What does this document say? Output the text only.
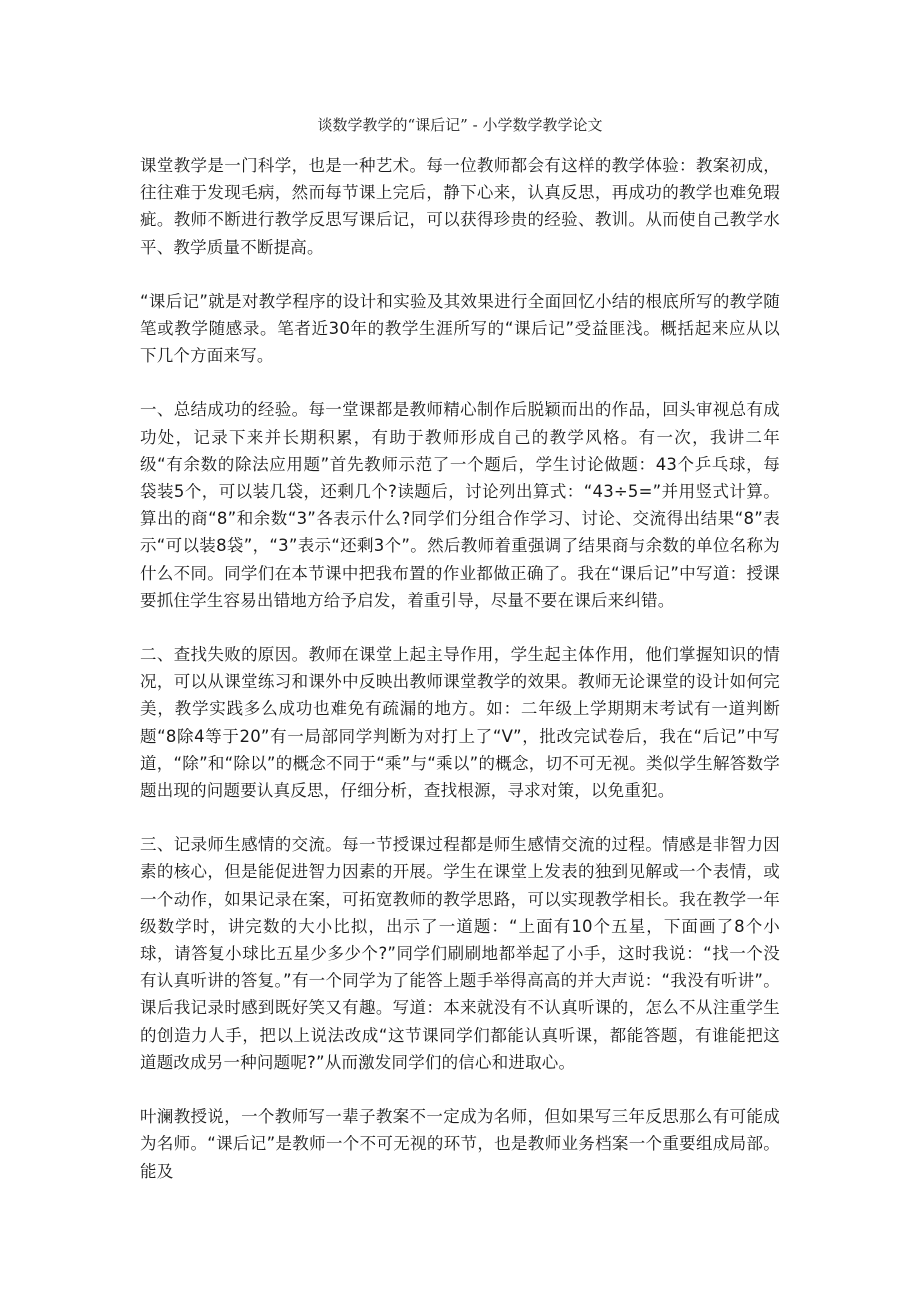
谈数学教学的“课后记” - 小学数学教学论文

课堂教学是一门科学，也是一种艺术。每一位教师都会有这样的教学体验：教案初成，往往难于发现毛病，然而每节课上完后，静下心来，认真反思，再成功的教学也难免瑕疵。教师不断进行教学反思写课后记，可以获得珍贵的经验、教训。从而使自己教学水平、教学质量不断提高。

“课后记”就是对教学程序的设计和实验及其效果进行全面回忆小结的根底所写的教学随笔或教学随感录。笔者近30年的教学生涯所写的“课后记”受益匪浅。概括起来应从以下几个方面来写。

一、总结成功的经验。每一堂课都是教师精心制作后脱颖而出的作品，回头审视总有成功处，记录下来并长期积累，有助于教师形成自己的教学风格。有一次，我讲二年级“有余数的除法应用题”首先教师示范了一个题后，学生讨论做题：43个乒乓球，每袋装5个，可以装几袋，还剩几个?读题后，讨论列出算式：“43÷5=”并用竖式计算。算出的商“8”和余数“3”各表示什么?同学们分组合作学习、讨论、交流得出结果“8”表示“可以装8袋”，“3”表示“还剩3个”。然后教师着重强调了结果商与余数的单位名称为什么不同。同学们在本节课中把我布置的作业都做正确了。我在“课后记”中写道：授课要抓住学生容易出错地方给予启发，着重引导，尽量不要在课后来纠错。

二、查找失败的原因。教师在课堂上起主导作用，学生起主体作用，他们掌握知识的情况，可以从课堂练习和课外中反映出教师课堂教学的效果。教师无论课堂的设计如何完美，教学实践多么成功也难免有疏漏的地方。如：二年级上学期期末考试有一道判断题“8除4等于20”有一局部同学判断为对打上了“V”，批改完试卷后，我在“后记”中写道，“除”和“除以”的概念不同于“乘”与“乘以”的概念，切不可无视。类似学生解答数学题出现的问题要认真反思，仔细分析，查找根源，寻求对策，以免重犯。

三、记录师生感情的交流。每一节授课过程都是师生感情交流的过程。情感是非智力因素的核心，但是能促进智力因素的开展。学生在课堂上发表的独到见解或一个表情，或一个动作，如果记录在案，可拓宽教师的教学思路，可以实现教学相长。我在教学一年级数学时，讲完数的大小比拟，出示了一道题：“上面有10个五星，下面画了8个小球，请答复小球比五星少多少个?”同学们刷刷地都举起了小手，这时我说：“找一个没有认真听讲的答复。”有一个同学为了能答上题手举得高高的并大声说：“我没有听讲”。课后我记录时感到既好笑又有趣。写道：本来就没有不认真听课的，怎么不从注重学生的创造力人手，把以上说法改成“这节课同学们都能认真听课，都能答题，有谁能把这道题改成另一种问题呢?”从而激发同学们的信心和进取心。

叶澜教授说，一个教师写一辈子教案不一定成为名师，但如果写三年反思那么有可能成为名师。“课后记”是教师一个不可无视的环节，也是教师业务档案一个重要组成局部。能及
